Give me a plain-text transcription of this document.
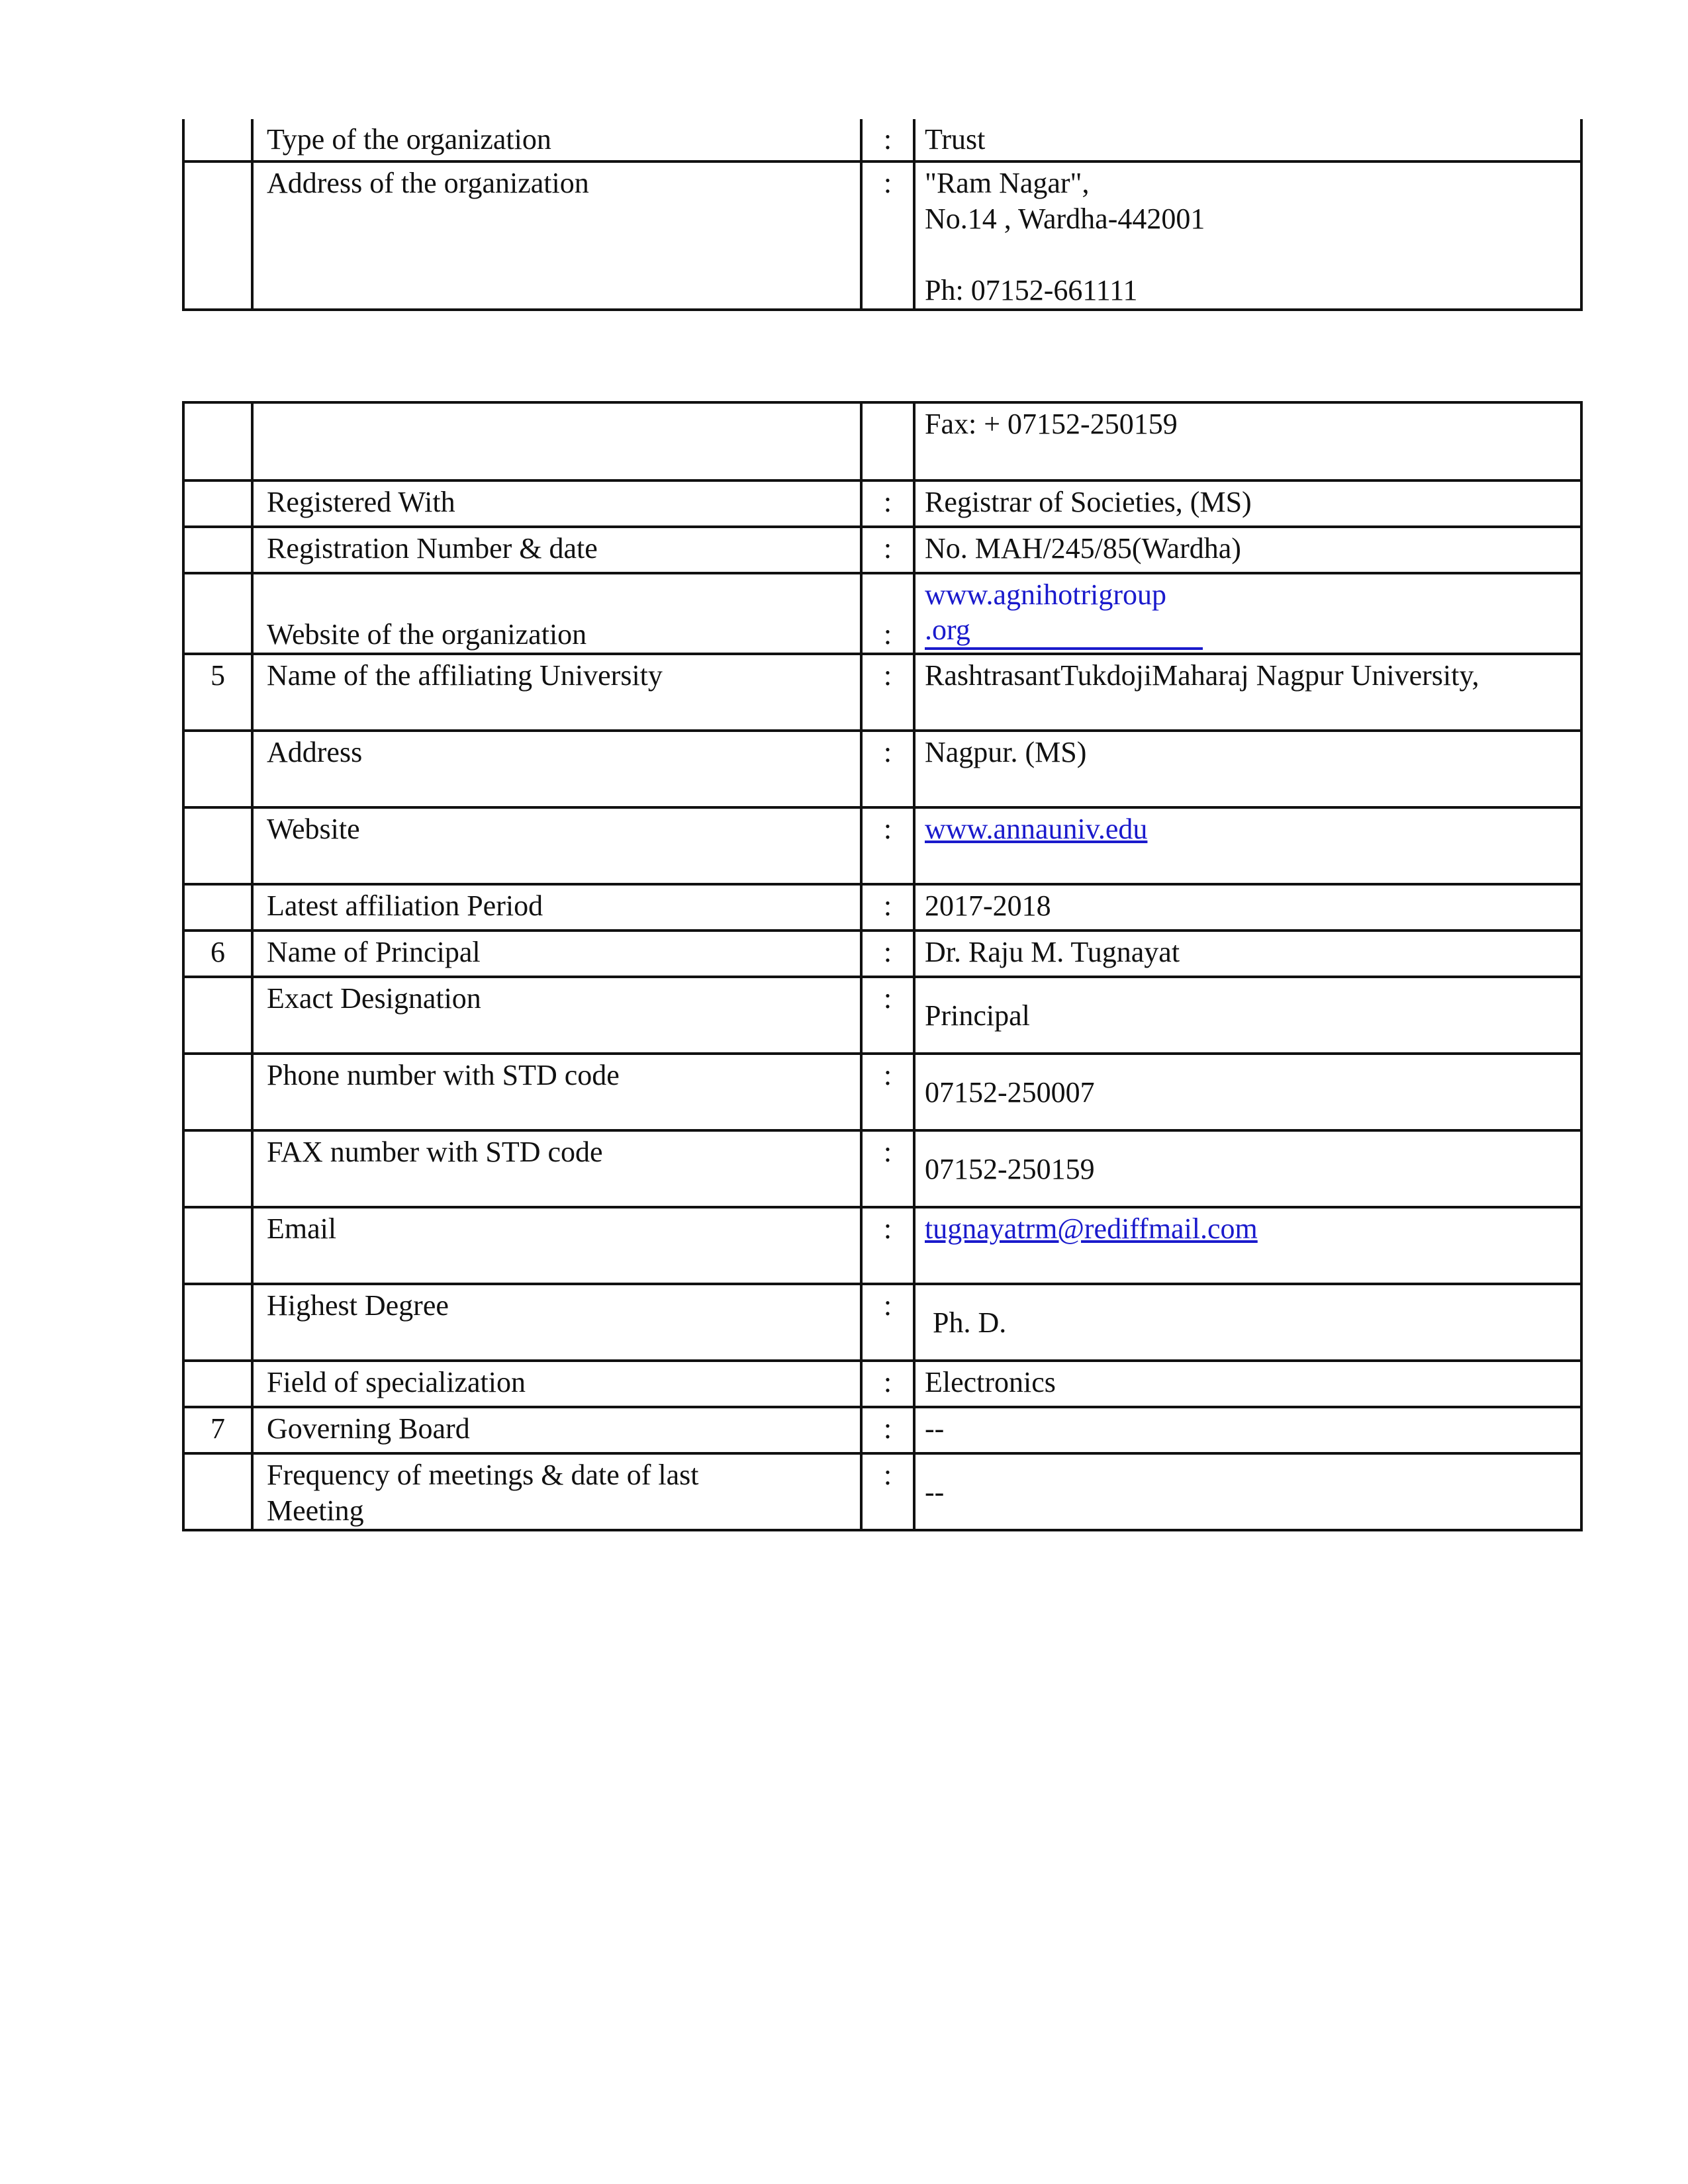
	Type of the organization	:	Trust

	Address of the organization	:	"Ram Nagar",
No.14 , Wardha-442001
Ph: 07152-661111

			Fax: + 07152-250159

	Registered With	:	Registrar of Societies, (MS)

	Registration Number & date	:	No. MAH/245/85(Wardha)

	Website of the organization	:	www.agnihotrigroup
.org

5	Name of the affiliating University	:	RashtrasantTukdojiMaharaj Nagpur University,

	Address	:	Nagpur. (MS)

	Website	:	www.annauniv.edu

	Latest affiliation Period	:	2017-2018

6	Name of Principal	:	Dr. Raju M. Tugnayat

	Exact Designation	:	Principal

	Phone number with STD code	:	07152-250007

	FAX number with STD code	:	07152-250159

	Email	:	tugnayatrm@rediffmail.com

	Highest Degree	:	Ph. D.

	Field of specialization	:	Electronics

7	Governing Board	:	--

	Frequency of meetings & date of last
Meeting	:	--
